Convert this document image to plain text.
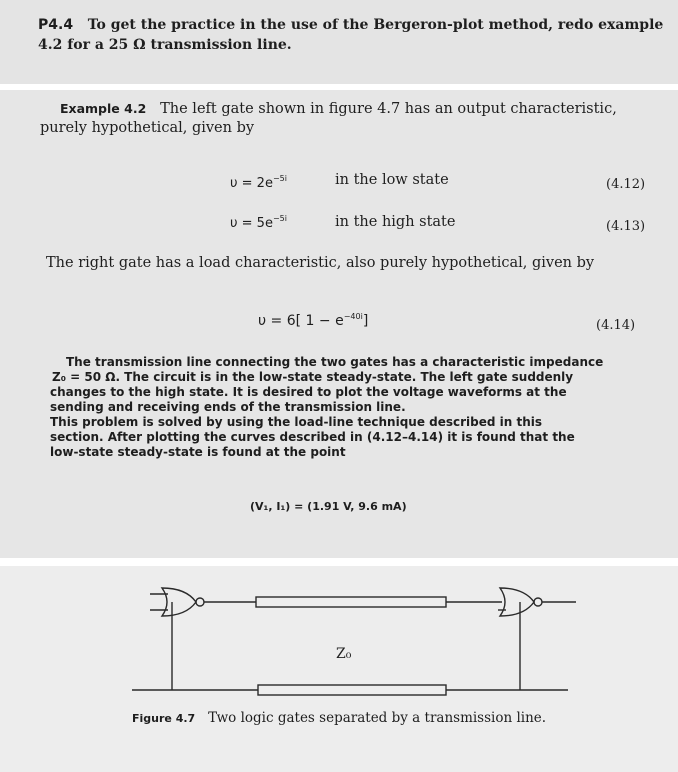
P4.4 To get the practice in the use of the Bergeron-plot method, redo example
4.2 for a 25 Ω transmission line.
Example 4.2 The left gate shown in figure 4.7 has an output characteristic,
purely hypothetical, given by
$\upsilon = 2e^{-5i}$	in the low state	(4.12)
$\upsilon = 5e^{-5i}$	in the high state	(4.13)
The right gate has a load characteristic, also purely hypothetical, given by
υ = 6[ $1 - e^{-40i}$]	(4.14)
The transmission line connecting the two gates has a characteristic impedance
Z₀ = 50 Ω. The circuit is in the low-state steady-state. The left gate suddenly
changes to the high state. It is desired to plot the voltage waveforms at the
sending and receiving ends of the transmission line.
This problem is solved by using the load-line technique described in this
section. After plotting the curves described in (4.12–4.14) it is found that the
low-state steady-state is found at the point
(V₁, I₁) = (1.91 V, 9.6 mA)
Z₀
Figure 4.7 Two logic gates separated by a transmission line.
